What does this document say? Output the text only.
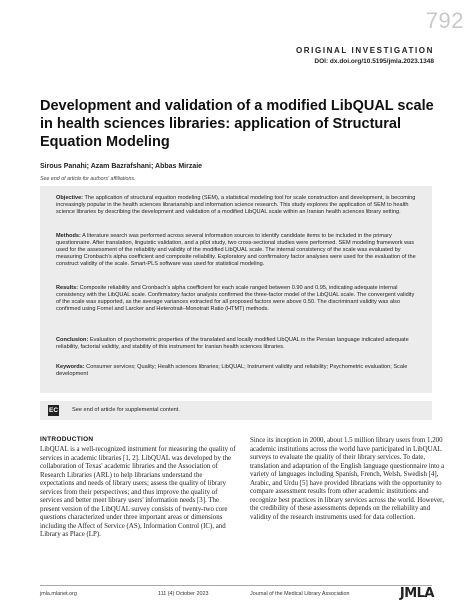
792
ORIGINAL INVESTIGATION
DOI: dx.doi.org/10.5195/jmla.2023.1348
Development and validation of a modified LibQUAL scale in health sciences libraries: application of Structural Equation Modeling
Sirous Panahi; Azam Bazrafshani; Abbas Mirzaie
See end of article for authors' affiliations.

Objective: The application of structural equation modeling (SEM), a statistical modeling tool for scale construction and development, is becoming increasingly popular in the health sciences librarianship and information science research. This study explores the application of SEM to health science libraries by describing the development and validation of a modified LibQUAL scale within an Iranian health sciences library setting.

Methods: A literature search was performed across several information sources to identify candidate items to be included in the primary questionnaire. After translation, linguistic validation, and a pilot study, two cross-sectional studies were performed. SEM modeling framework was used for the assessment of the reliability and validity of the modified LibQUAL scale. The internal consistency of the scale was evaluated by measuring Cronbach's alpha coefficient and composite reliability. Exploratory and confirmatory factor analyses were used for the evaluation of the construct validity of the scale. Smart-PLS software was used for statistical modeling.

Results: Composite reliability and Cronbach's alpha coefficient for each scale ranged between 0.90 and 0.95, indicating adequate internal consistency with the LibQUAL scale. Confirmatory factor analysis confirmed the three-factor model of the LibQUAL scale. The convergent validity of the scale was supported, as the average variances extracted for all proposed factors were above 0.50. The discriminant validity was also confirmed using Fornel and Larcker and Heterotrait–Monotrait Ratio (HTMT) methods.

Conclusion: Evaluation of psychometric properties of the translated and locally modified LibQUAL in the Persian language indicated adequate reliability, factorial validity, and stability of this instrument for Iranian health sciences libraries.

Keywords: Consumer services; Quality; Health sciences libraries; LibQUAL; Instrument validity and reliability; Psychometric evaluation; Scale development

EC See end of article for supplemental content.
INTRODUCTION

LibQUAL is a well-recognized instrument for measuring the quality of services in academic libraries [1, 2]. LibQUAL was developed by the collaboration of Texas' academic libraries and the Association of Research Libraries (ARL) to help librarians understand the expectations and needs of library users; assess the quality of library services from their perspectives; and thus improve the quality of services and better meet library users' information needs [3]. The present version of the LibQUAL survey consists of twenty-two core questions characterized under three important areas or dimensions including the Affect of Service (AS), Information Control (IC), and Library as Place (LP).

Since its inception in 2000, about 1.5 million library users from 1,200 academic institutions across the world have participated in LibQUAL surveys to evaluate the quality of their library services. To date, translation and adaptation of the English language questionnaire into a variety of languages including Spanish, French, Welsh, Swedish [4], Arabic, and Urdu [5] have provided librarians with the opportunity to compare assessment results from other academic institutions and recognize best practices in library services across the world. However, the credibility of these assessments depends on the reliability and validity of the research instruments used for data collection.

jmla.mlanet.org	111 (4) October 2023	Journal of the Medical Library Association	JMLA
